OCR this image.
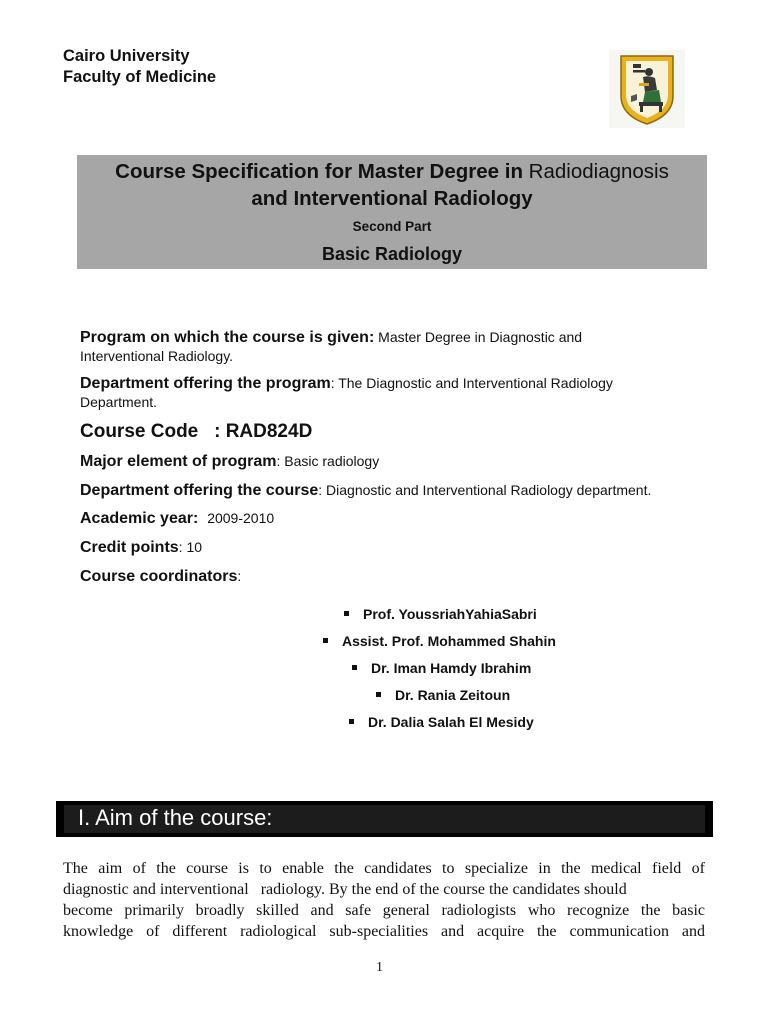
Cairo University
Faculty of Medicine
Course Specification for Master Degree in Radiodiagnosis
and Interventional Radiology
Second Part
Basic Radiology
Program on which the course is given: Master Degree in Diagnostic and
Interventional Radiology.
Department offering the program: The Diagnostic and Interventional Radiology
Department.
Course Code : RAD824D
Major element of program: Basic radiology
Department offering the course: Diagnostic and Interventional Radiology department.
Academic year: 2009-2010
Credit points: 10
Course coordinators:
Prof. YoussriahYahiaSabri
Assist. Prof. Mohammed Shahin
Dr. Iman Hamdy Ibrahim
Dr. Rania Zeitoun
Dr. Dalia Salah El Mesidy
I. Aim of the course:
The aim of the course is to enable the candidates to specialize in the medical field of
diagnostic and interventional   radiology. By the end of the course the candidates should
become primarily broadly skilled and safe general radiologists who recognize the basic
knowledge of different radiological sub-specialities and acquire the communication and
1
